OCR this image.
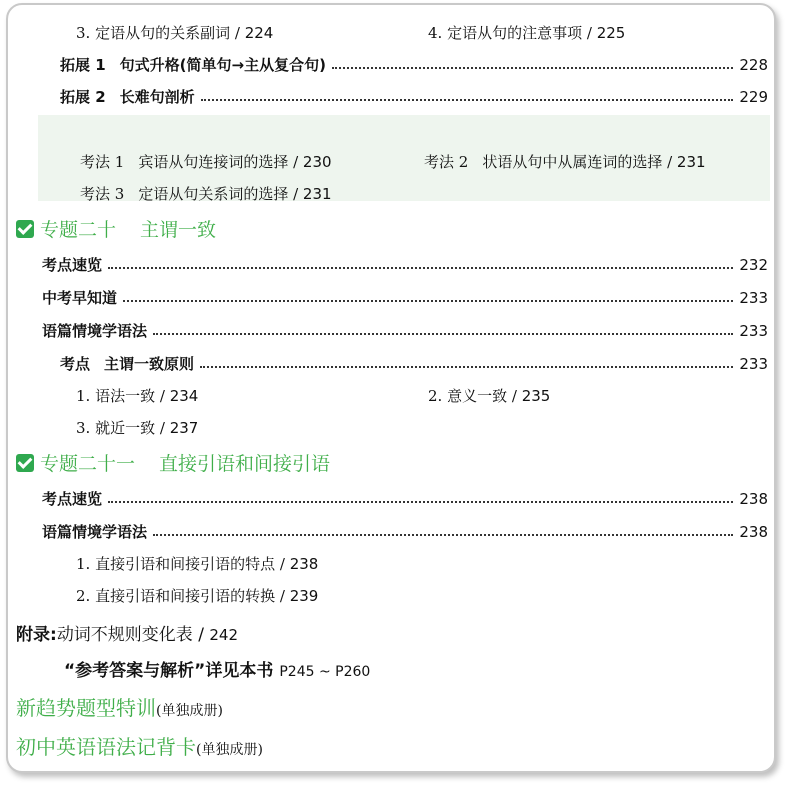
3. 定语从句的关系副词 / 224	4. 定语从句的注意事项 / 225
拓展 1 句式升格(简单句→主从复合句)	228
拓展 2 长难句剖析	229
考法 1 宾语从句连接词的选择 / 230	考法 2 状语从句中从属连词的选择 / 231
考法 3 定语从句关系词的选择 / 231
专题二十 主谓一致
考点速览	232
中考早知道	233
语篇情境学语法	233
考点 主谓一致原则	233
1. 语法一致 / 234	2. 意义一致 / 235
3. 就近一致 / 237
专题二十一 直接引语和间接引语
考点速览	238
语篇情境学语法	238
1. 直接引语和间接引语的特点 / 238
2. 直接引语和间接引语的转换 / 239
附录:动词不规则变化表 / 242
“参考答案与解析”详见本书 P245 ~ P260
新趋势题型特训(单独成册)
初中英语语法记背卡(单独成册)
